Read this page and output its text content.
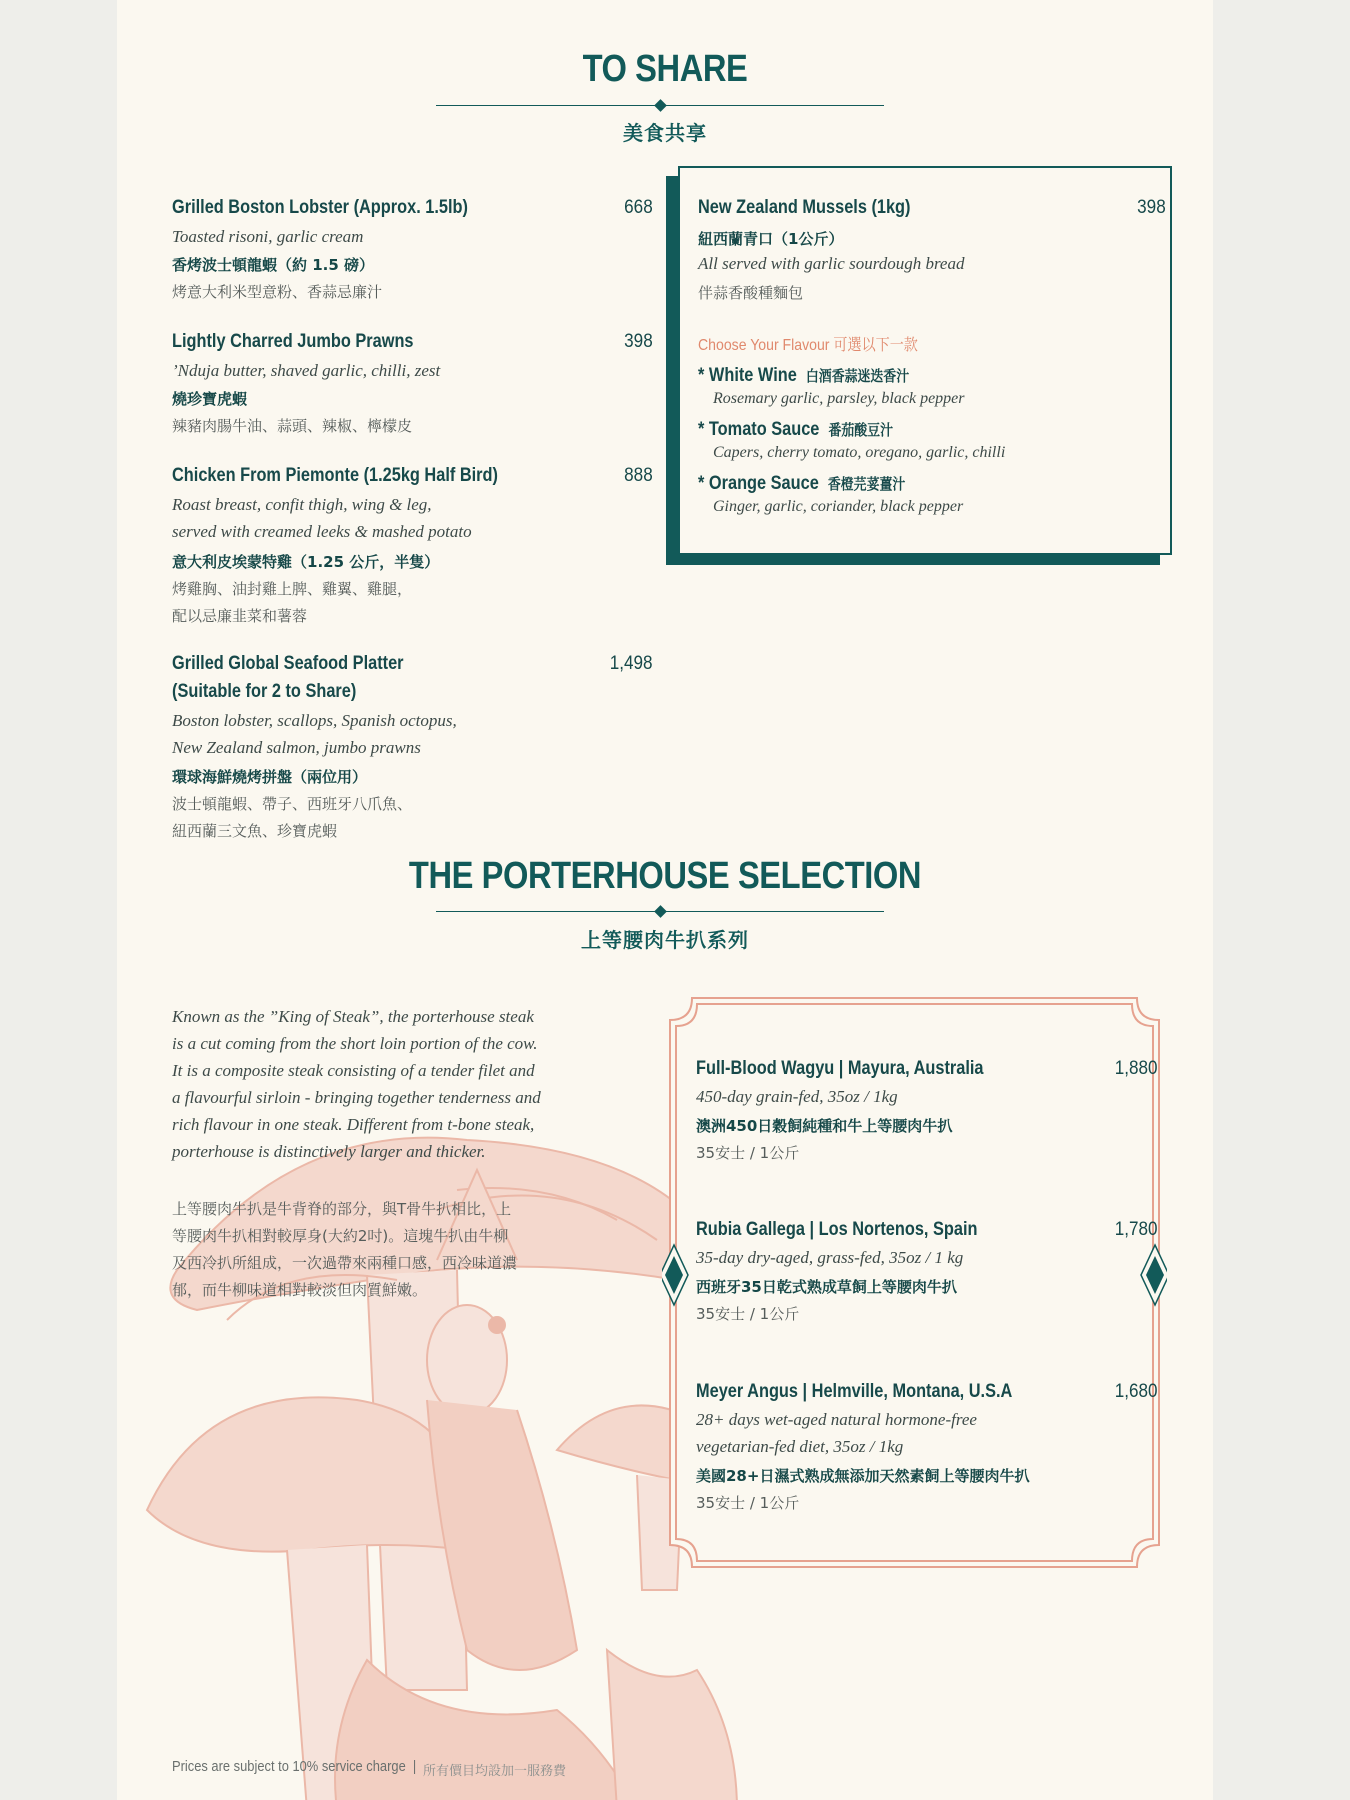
TO SHARE
美食共享
Grilled Boston Lobster (Approx. 1.5lb)	668
Toasted risoni, garlic cream
香烤波士頓龍蝦（約 1.5 磅）
烤意大利米型意粉、香蒜忌廉汁
Lightly Charred Jumbo Prawns	398
’Nduja butter, shaved garlic, chilli, zest
燒珍寶虎蝦
辣豬肉腸牛油、蒜頭、辣椒、檸檬皮
Chicken From Piemonte (1.25kg Half Bird)	888
Roast breast, confit thigh, wing & leg,
served with creamed leeks & mashed potato
意大利皮埃蒙特雞（1.25 公斤，半隻）
烤雞胸、油封雞上脾、雞翼、雞腿，
配以忌廉韭菜和薯蓉
Grilled Global Seafood Platter
(Suitable for 2 to Share)
1,498
Boston lobster, scallops, Spanish octopus,
New Zealand salmon, jumbo prawns
環球海鮮燒烤拼盤（兩位用）
波士頓龍蝦、帶子、西班牙八爪魚、
紐西蘭三文魚、珍寶虎蝦
New Zealand Mussels (1kg)	398
紐西蘭青口（1公斤）
All served with garlic sourdough bread
伴蒜香酸種麵包
Choose Your Flavour 可選以下一款
* White Wine 白酒香蒜迷迭香汁
Rosemary garlic, parsley, black pepper
* Tomato Sauce 番茄酸豆汁
Capers, cherry tomato, oregano, garlic, chilli
* Orange Sauce 香橙芫荽薑汁
Ginger, garlic, coriander, black pepper
THE PORTERHOUSE SELECTION
上等腰肉牛扒系列
Known as the ”King of Steak”, the porterhouse steak
is a cut coming from the short loin portion of the cow.
It is a composite steak consisting of a tender filet and
a flavourful sirloin - bringing together tenderness and
rich flavour in one steak. Different from t-bone steak,
porterhouse is distinctively larger and thicker.
上等腰肉牛扒是牛背脊的部分，與T骨牛扒相比，上
等腰肉牛扒相對較厚身(大約2吋)。這塊牛扒由牛柳
及西冷扒所組成，一次過帶來兩種口感，西冷味道濃
郁，而牛柳味道相對較淡但肉質鮮嫩。
Full-Blood Wagyu | Mayura, Australia	1,880
450-day grain-fed, 35oz / 1kg
澳洲450日穀飼純種和牛上等腰肉牛扒
35安士 / 1公斤
Rubia Gallega | Los Nortenos, Spain	1,780
35-day dry-aged, grass-fed, 35oz / 1 kg
西班牙35日乾式熟成草飼上等腰肉牛扒
35安士 / 1公斤
Meyer Angus | Helmville, Montana, U.S.A	1,680
28+ days wet-aged natural hormone-free
vegetarian-fed diet, 35oz / 1kg
美國28+日濕式熟成無添加天然素飼上等腰肉牛扒
35安士 / 1公斤
Prices are subject to 10% service charge | 所有價目均設加一服務費
